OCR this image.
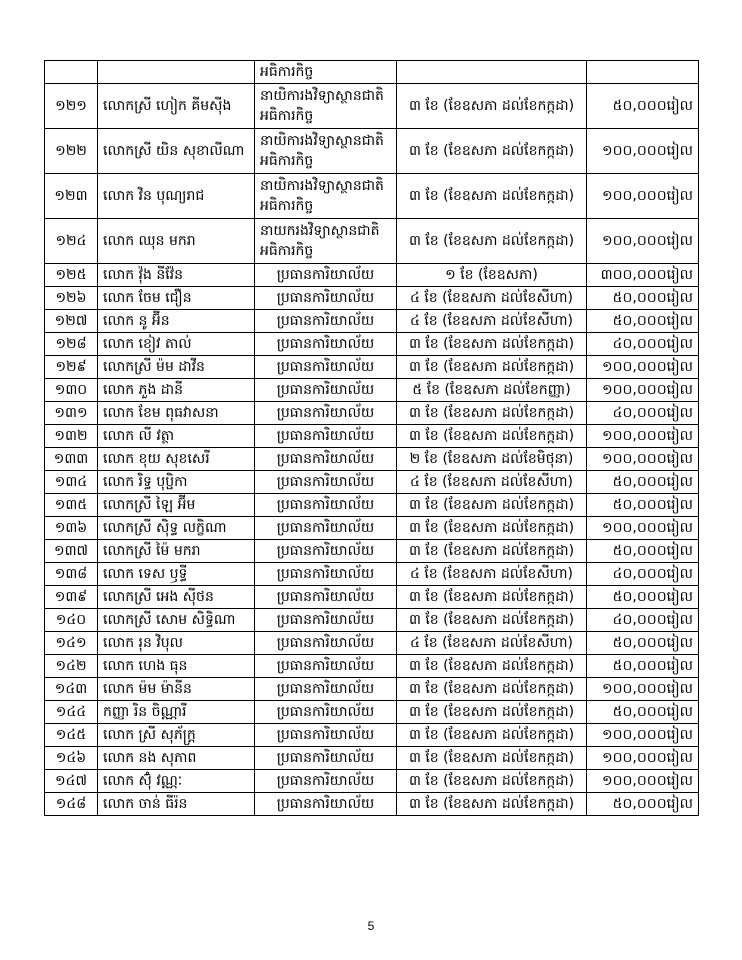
		អធិការកិច្ច		
១២១	លោកស្រី ហៀក គីមស៊ីង	នាយិការងវិទ្យាស្ថានជាតិ
អធិការកិច្ច	៣ ខែ (ខែឧសភា ដល់ខែកក្កដា)	៥០,០០០រៀល
១២២	លោកស្រី យិន សុខាលីណា	នាយិការងវិទ្យាស្ថានជាតិ
អធិការកិច្ច	៣ ខែ (ខែឧសភា ដល់ខែកក្កដា)	១០០,០០០រៀល
១២៣	លោក វិន បុណ្យរាជ	នាយិការងវិទ្យាស្ថានជាតិ
អធិការកិច្ច	៣ ខែ (ខែឧសភា ដល់ខែកក្កដា)	១០០,០០០រៀល
១២៤	លោក ឈុន មករា	នាយករងវិទ្យាស្ថានជាតិ
អធិការកិច្ច	៣ ខែ (ខែឧសភា ដល់ខែកក្កដា)	១០០,០០០រៀល
១២៥	លោក វ៉ុង នីវ៉ែន	ប្រធានការិយាល័យ	១ ខែ (ខែឧសភា)	៣០០,០០០រៀល
១២៦	លោក ចែម ជឿន	ប្រធានការិយាល័យ	៤ ខែ (ខែឧសភា ដល់ខែសីហា)	៥០,០០០រៀល
១២៧	លោក នូ អ៊ីន	ប្រធានការិយាល័យ	៤ ខែ (ខែឧសភា ដល់ខែសីហា)	៥០,០០០រៀល
១២៨	លោក ខៀវ តាល់	ប្រធានការិយាល័យ	៣ ខែ (ខែឧសភា ដល់ខែកក្កដា)	៤០,០០០រៀល
១២៩	លោកស្រី ម៉ម ដាវីន	ប្រធានការិយាល័យ	៣ ខែ (ខែឧសភា ដល់ខែកក្កដា)	១០០,០០០រៀល
១៣០	លោក ភួង ដានី	ប្រធានការិយាល័យ	៥ ខែ (ខែឧសភា ដល់ខែកញ្ញា)	១០០,០០០រៀល
១៣១	លោក ខែម ពុធវាសនា	ប្រធានការិយាល័យ	៣ ខែ (ខែឧសភា ដល់ខែកក្កដា)	៤០,០០០រៀល
១៣២	លោក លី វត្ថា	ប្រធានការិយាល័យ	៣ ខែ (ខែឧសភា ដល់ខែកក្កដា)	១០០,០០០រៀល
១៣៣	លោក ខុយ សុខសេរី	ប្រធានការិយាល័យ	២ ខែ (ខែឧសភា ដល់ខែមិថុនា)	១០០,០០០រៀល
១៣៤	លោក រិទ្ធ បុប្ផិកា	ប្រធានការិយាល័យ	៤ ខែ (ខែឧសភា ដល់ខែសីហា)	៥០,០០០រៀល
១៣៥	លោកស្រី ឡៃ អ៊ីម	ប្រធានការិយាល័យ	៣ ខែ (ខែឧសភា ដល់ខែកក្កដា)	៥០,០០០រៀល
១៣៦	លោកស្រី ស៊ិទ្ធ លក្ខិណា	ប្រធានការិយាល័យ	៣ ខែ (ខែឧសភា ដល់ខែកក្កដា)	១០០,០០០រៀល
១៣៧	លោកស្រី ម៉ៃ មករា	ប្រធានការិយាល័យ	៣ ខែ (ខែឧសភា ដល់ខែកក្កដា)	៥០,០០០រៀល
១៣៨	លោក ទេស ឫទ្ធី	ប្រធានការិយាល័យ	៤ ខែ (ខែឧសភា ដល់ខែសីហា)	៤០,០០០រៀល
១៣៩	លោកស្រី អេង ស៊ីថន	ប្រធានការិយាល័យ	៣ ខែ (ខែឧសភា ដល់ខែកក្កដា)	៥០,០០០រៀល
១៤០	លោកស្រី សោម សិទ្ធិណា	ប្រធានការិយាល័យ	៣ ខែ (ខែឧសភា ដល់ខែកក្កដា)	៤០,០០០រៀល
១៤១	លោក រុន វិបុល	ប្រធានការិយាល័យ	៤ ខែ (ខែឧសភា ដល់ខែសីហា)	៥០,០០០រៀល
១៤២	លោក ហេង ធុន	ប្រធានការិយាល័យ	៣ ខែ (ខែឧសភា ដល់ខែកក្កដា)	៥០,០០០រៀល
១៤៣	លោក ម៉ម ម៉ានីន	ប្រធានការិយាល័យ	៣ ខែ (ខែឧសភា ដល់ខែកក្កដា)	១០០,០០០រៀល
១៤៤	កញ្ញា រិន ចិណ្ណារី	ប្រធានការិយាល័យ	៣ ខែ (ខែឧសភា ដល់ខែកក្កដា)	៥០,០០០រៀល
១៤៥	លោក ស្រី សុភ័ក្រ្ត	ប្រធានការិយាល័យ	៣ ខែ (ខែឧសភា ដល់ខែកក្កដា)	១០០,០០០រៀល
១៤៦	លោក នង សុភាព	ប្រធានការិយាល័យ	៣ ខែ (ខែឧសភា ដល់ខែកក្កដា)	១០០,០០០រៀល
១៤៧	លោក ស៊ុំ វណ្ណៈ	ប្រធានការិយាល័យ	៣ ខែ (ខែឧសភា ដល់ខែកក្កដា)	១០០,០០០រៀល
១៤៨	លោក ចាន់ ធីរ៉ន	ប្រធានការិយាល័យ	៣ ខែ (ខែឧសភា ដល់ខែកក្កដា)	៥០,០០០រៀល
5
